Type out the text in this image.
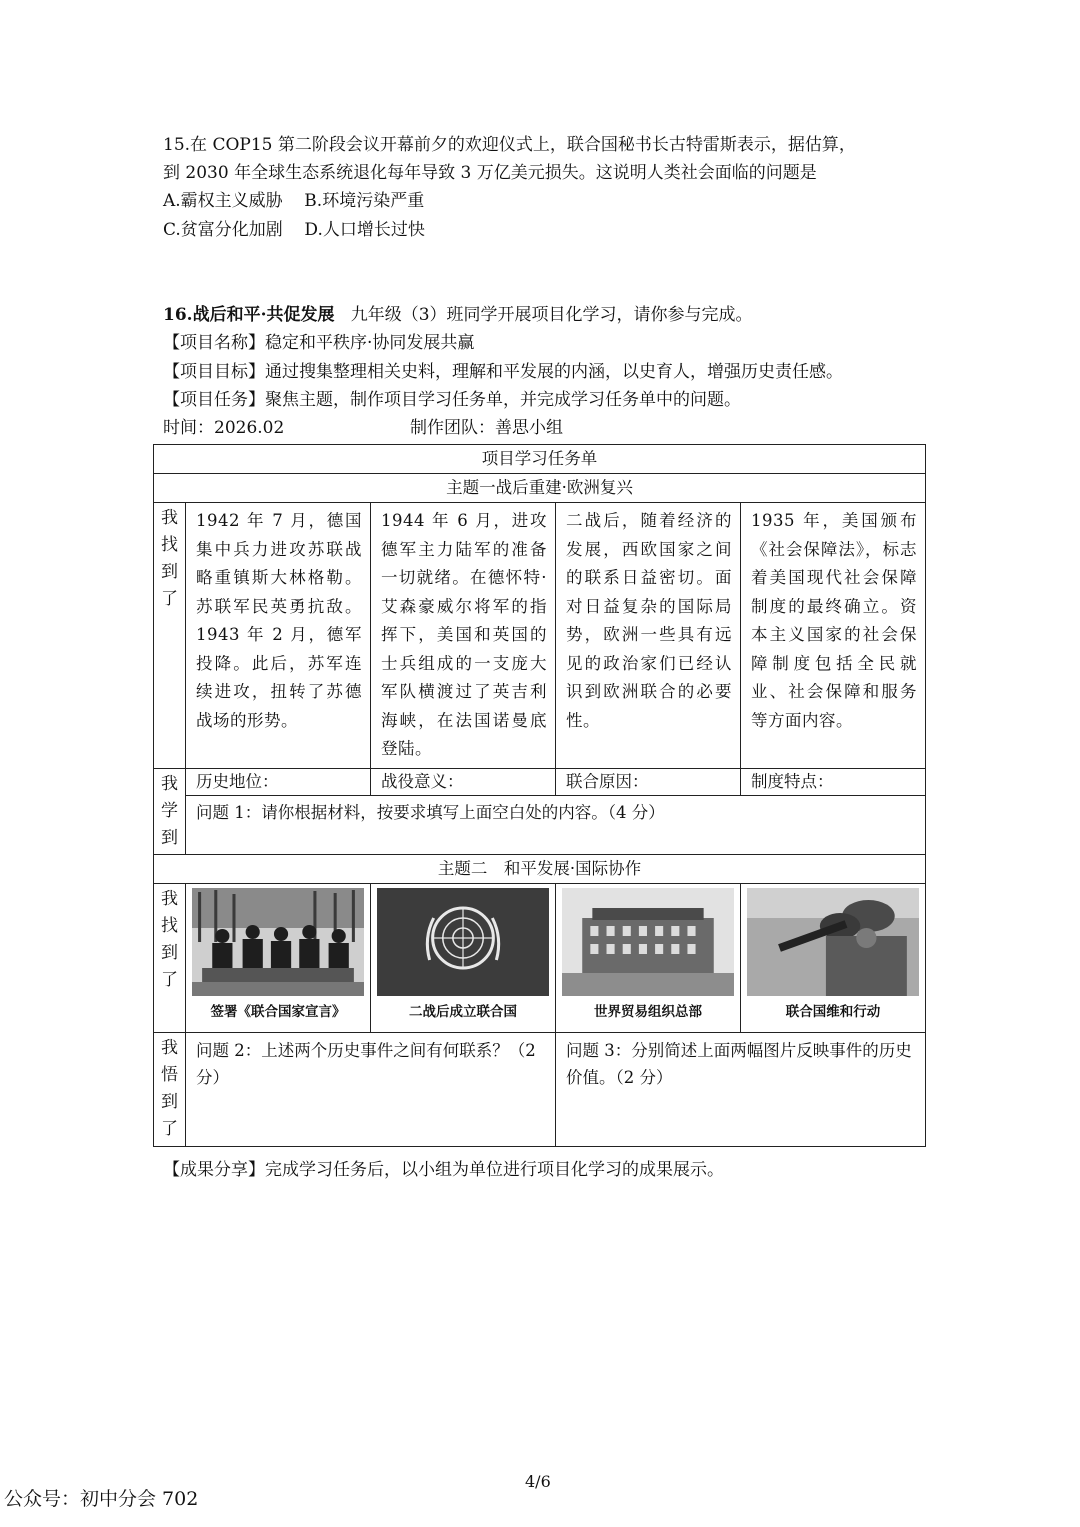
15.在 COP15 第二阶段会议开幕前夕的欢迎仪式上，联合国秘书长古特雷斯表示，据估算，
到 2030 年全球生态系统退化每年导致 3 万亿美元损失。这说明人类社会面临的问题是
A.霸权主义威胁    B.环境污染严重
C.贫富分化加剧    D.人口增长过快
16.战后和平·共促发展   九年级（3）班同学开展项目化学习，请你参与完成。
【项目名称】稳定和平秩序·协同发展共赢
【项目目标】通过搜集整理相关史料，理解和平发展的内涵，以史育人，增强历史责任感。
【项目任务】聚焦主题，制作项目学习任务单，并完成学习任务单中的问题。
时间：2026.02	制作团队：善思小组
项目学习任务单				
主题一战后重建·欧洲复兴				

我
找
到
了	1942 年 7 月，德国集中兵力进攻苏联战略重镇斯大林格勒。苏联军民英勇抗敌。1943 年 2 月，德军投降。此后，苏军连续进攻，扭转了苏德战场的形势。	1944 年 6 月，进攻德军主力陆军的准备一切就绪。在德怀特·艾森豪威尔将军的指挥下，美国和英国的士兵组成的一支庞大军队横渡过了英吉利海峡，在法国诺曼底登陆。	二战后，随着经济的发展，西欧国家之间的联系日益密切。面对日益复杂的国际局势，欧洲一些具有远见的政治家们已经认识到欧洲联合的必要性。	1935 年，美国颁布《社会保障法》，标志着美国现代社会保障制度的最终确立。资本主义国家的社会保障制度包括全民就业、社会保障和服务等方面内容。

我
学
到	历史地位：	战役意义：	联合原因：	制度特点：
	问题 1：请你根据材料，按要求填写上面空白处的内容。（4 分）			
主题二　和平发展·国际协作				

我
找
到
了	签署《联合国家宣言》	二战后成立联合国	世界贸易组织总部	联合国维和行动

我
悟
到
了	问题 2：上述两个历史事件之间有何联系？（2 分）		问题 3：分别简述上面两幅图片反映事件的历史价值。（2 分）	
【成果分享】完成学习任务后，以小组为单位进行项目化学习的成果展示。
4/6
公众号：初中分会 702
